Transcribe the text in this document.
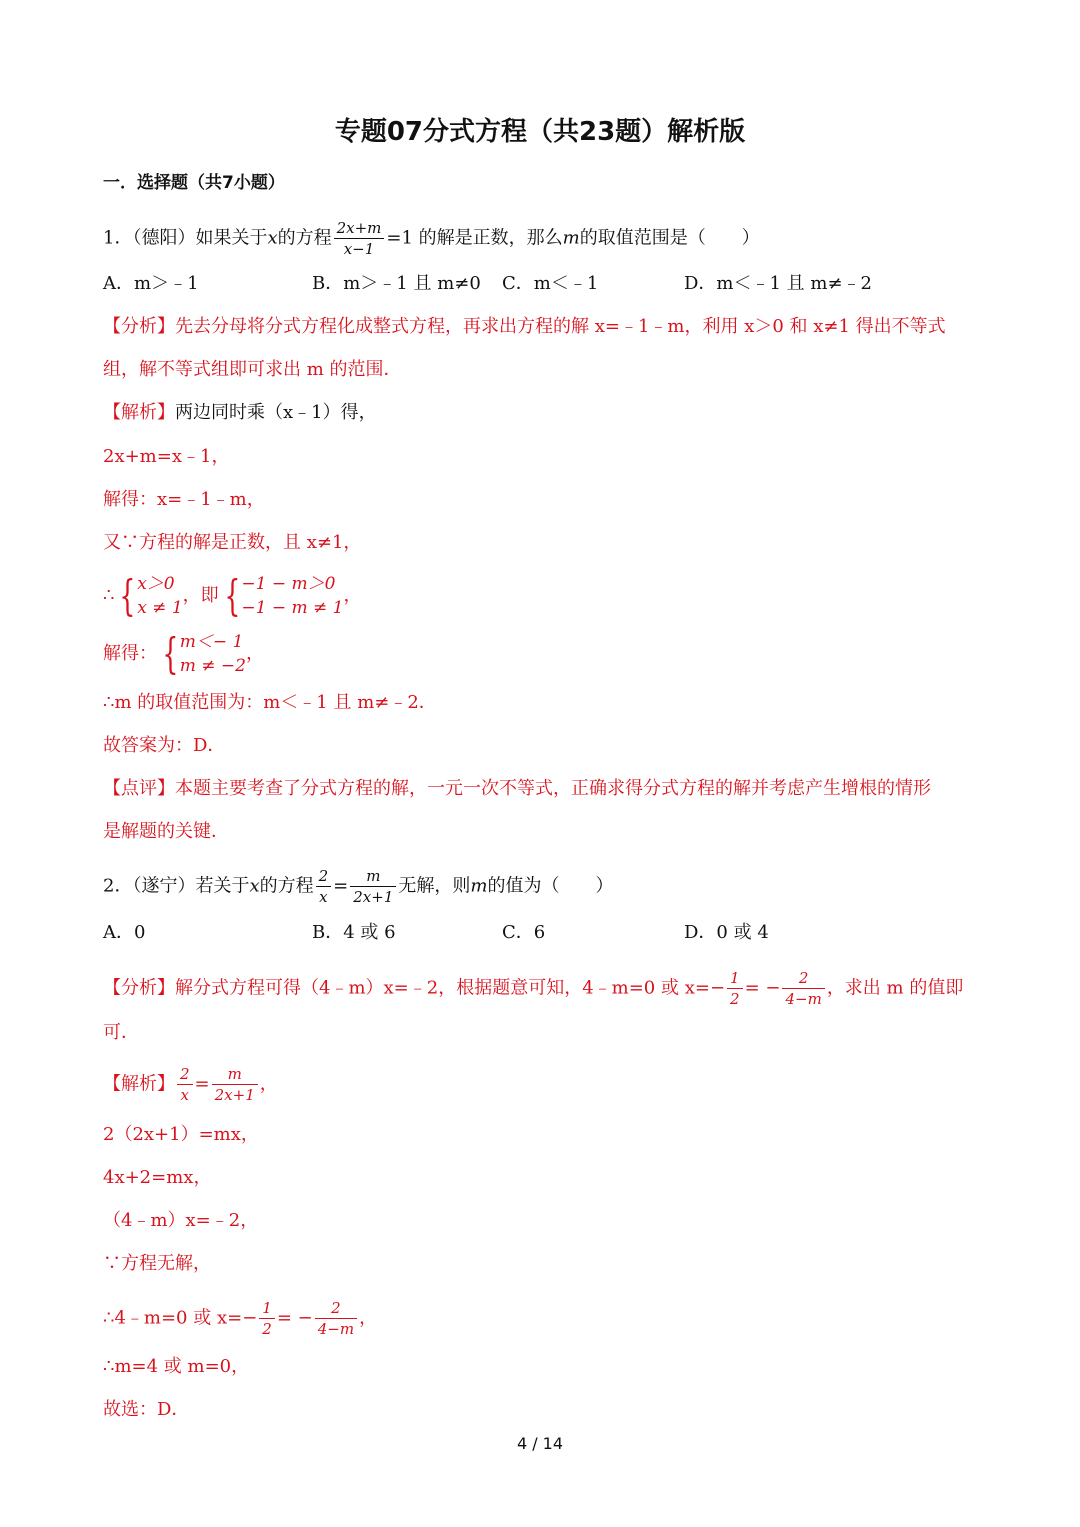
专题07分式方程（共23题）解析版
一．选择题（共7小题）
1．（德阳）如果关于x的方程 $\frac{2x+m}{x-1} =1$ 的解是正数，那么m的取值范围是（　　）
A．m＞﹣1	B．m＞﹣1 且 m≠0 C．m＜﹣1	D．m＜﹣1 且 m≠﹣2
【分析】先去分母将分式方程化成整式方程，再求出方程的解 x=﹣1﹣m，利用 x＞0 和 x≠1 得出不等式
组，解不等式组即可求出 m 的范围．
【解析】两边同时乘（x﹣1）得，
2x+m=x﹣1，
解得：x=﹣1﹣m，
又∵方程的解是正数，且 x≠1，
∴ { x＞0
x ≠ 1
，即 { −1 − m＞0
−1 − m ≠ 1
，
解得： { m＜− 1
m ≠ −2
，
∴m 的取值范围为：m＜﹣1 且 m≠﹣2．
故答案为：D．
【点评】本题主要考查了分式方程的解，一元一次不等式，正确求得分式方程的解并考虑产生增根的情形
是解题的关键．
2．（遂宁）若关于x的方程 $\frac{2}{x} = \frac{m}{2x+1}$ 无解，则m的值为（　　）
A．0	B．4 或 6	C．6	D．0 或 4
【分析】解分式方程可得（4﹣m）x=﹣2，根据题意可知，4﹣m=0 或 $x=- \frac{1}{2}$ = − $\frac{2}{4-m}$ ，求出 m 的值即
可．
【解析】 $\frac{2}{x} = \frac{m}{2x+1}$ ，
2（2x+1）=mx，
4x+2=mx，
（4﹣m）x=﹣2，
∵方程无解，
∴4﹣m=0 或 $x=- \frac{1}{2}$ = − $\frac{2}{4-m}$ ，
∴m=4 或 m=0，
故选：D．
4 / 14
